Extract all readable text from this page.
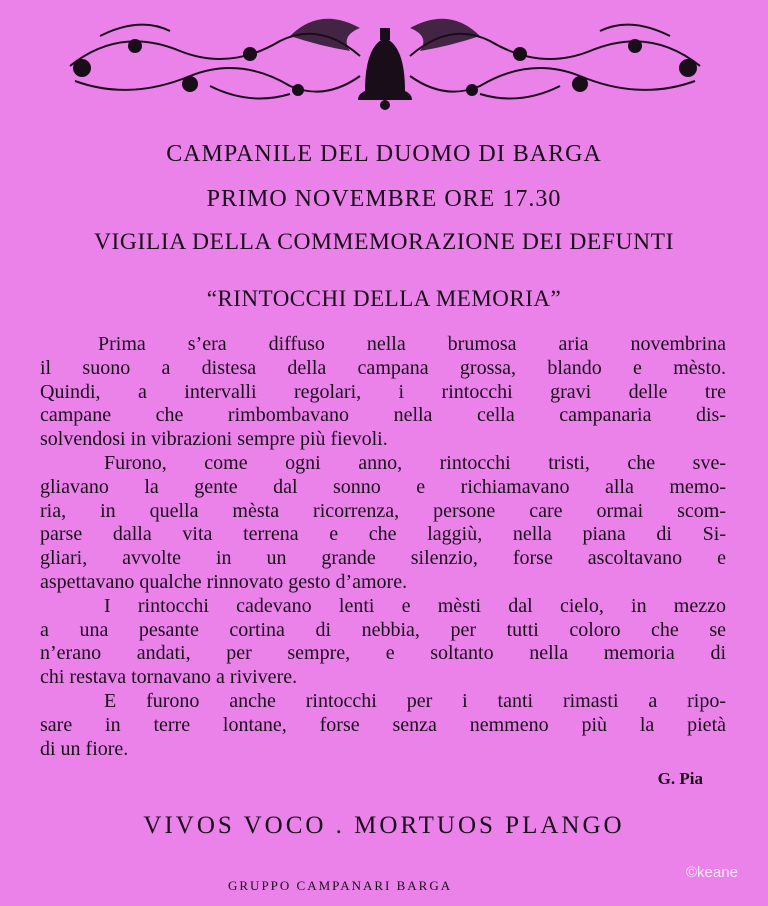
CAMPANILE DEL DUOMO DI BARGA
PRIMO NOVEMBRE ORE 17.30
VIGILIA DELLA COMMEMORAZIONE DEI DEFUNTI
“RINTOCCHI DELLA MEMORIA”

Prima s’era diffuso nella brumosa aria novembrina
il suono a distesa della campana grossa, blando e mèsto.
Quindi, a intervalli regolari, i rintocchi gravi delle tre
campane che rimbombavano nella cella campanaria dis-
solvendosi in vibrazioni sempre più fievoli.

Furono, come ogni anno, rintocchi tristi, che sve-
gliavano la gente dal sonno e richiamavano alla memo-
ria, in quella mèsta ricorrenza, persone care ormai scom-
parse dalla vita terrena e che laggiù, nella piana di Si-
gliari, avvolte in un grande silenzio, forse ascoltavano e
aspettavano qualche rinnovato gesto d’amore.

I rintocchi cadevano lenti e mèsti dal cielo, in mezzo
a una pesante cortina di nebbia, per tutti coloro che se
n’erano andati, per sempre, e soltanto nella memoria di
chi restava tornavano a rivivere.

E furono anche rintocchi per i tanti rimasti a ripo-
sare in terre lontane, forse senza nemmeno più la pietà
di un fiore.

G. Pia
VIVOS VOCO . MORTUOS PLANGO
GRUPPO CAMPANARI BARGA
©keane
